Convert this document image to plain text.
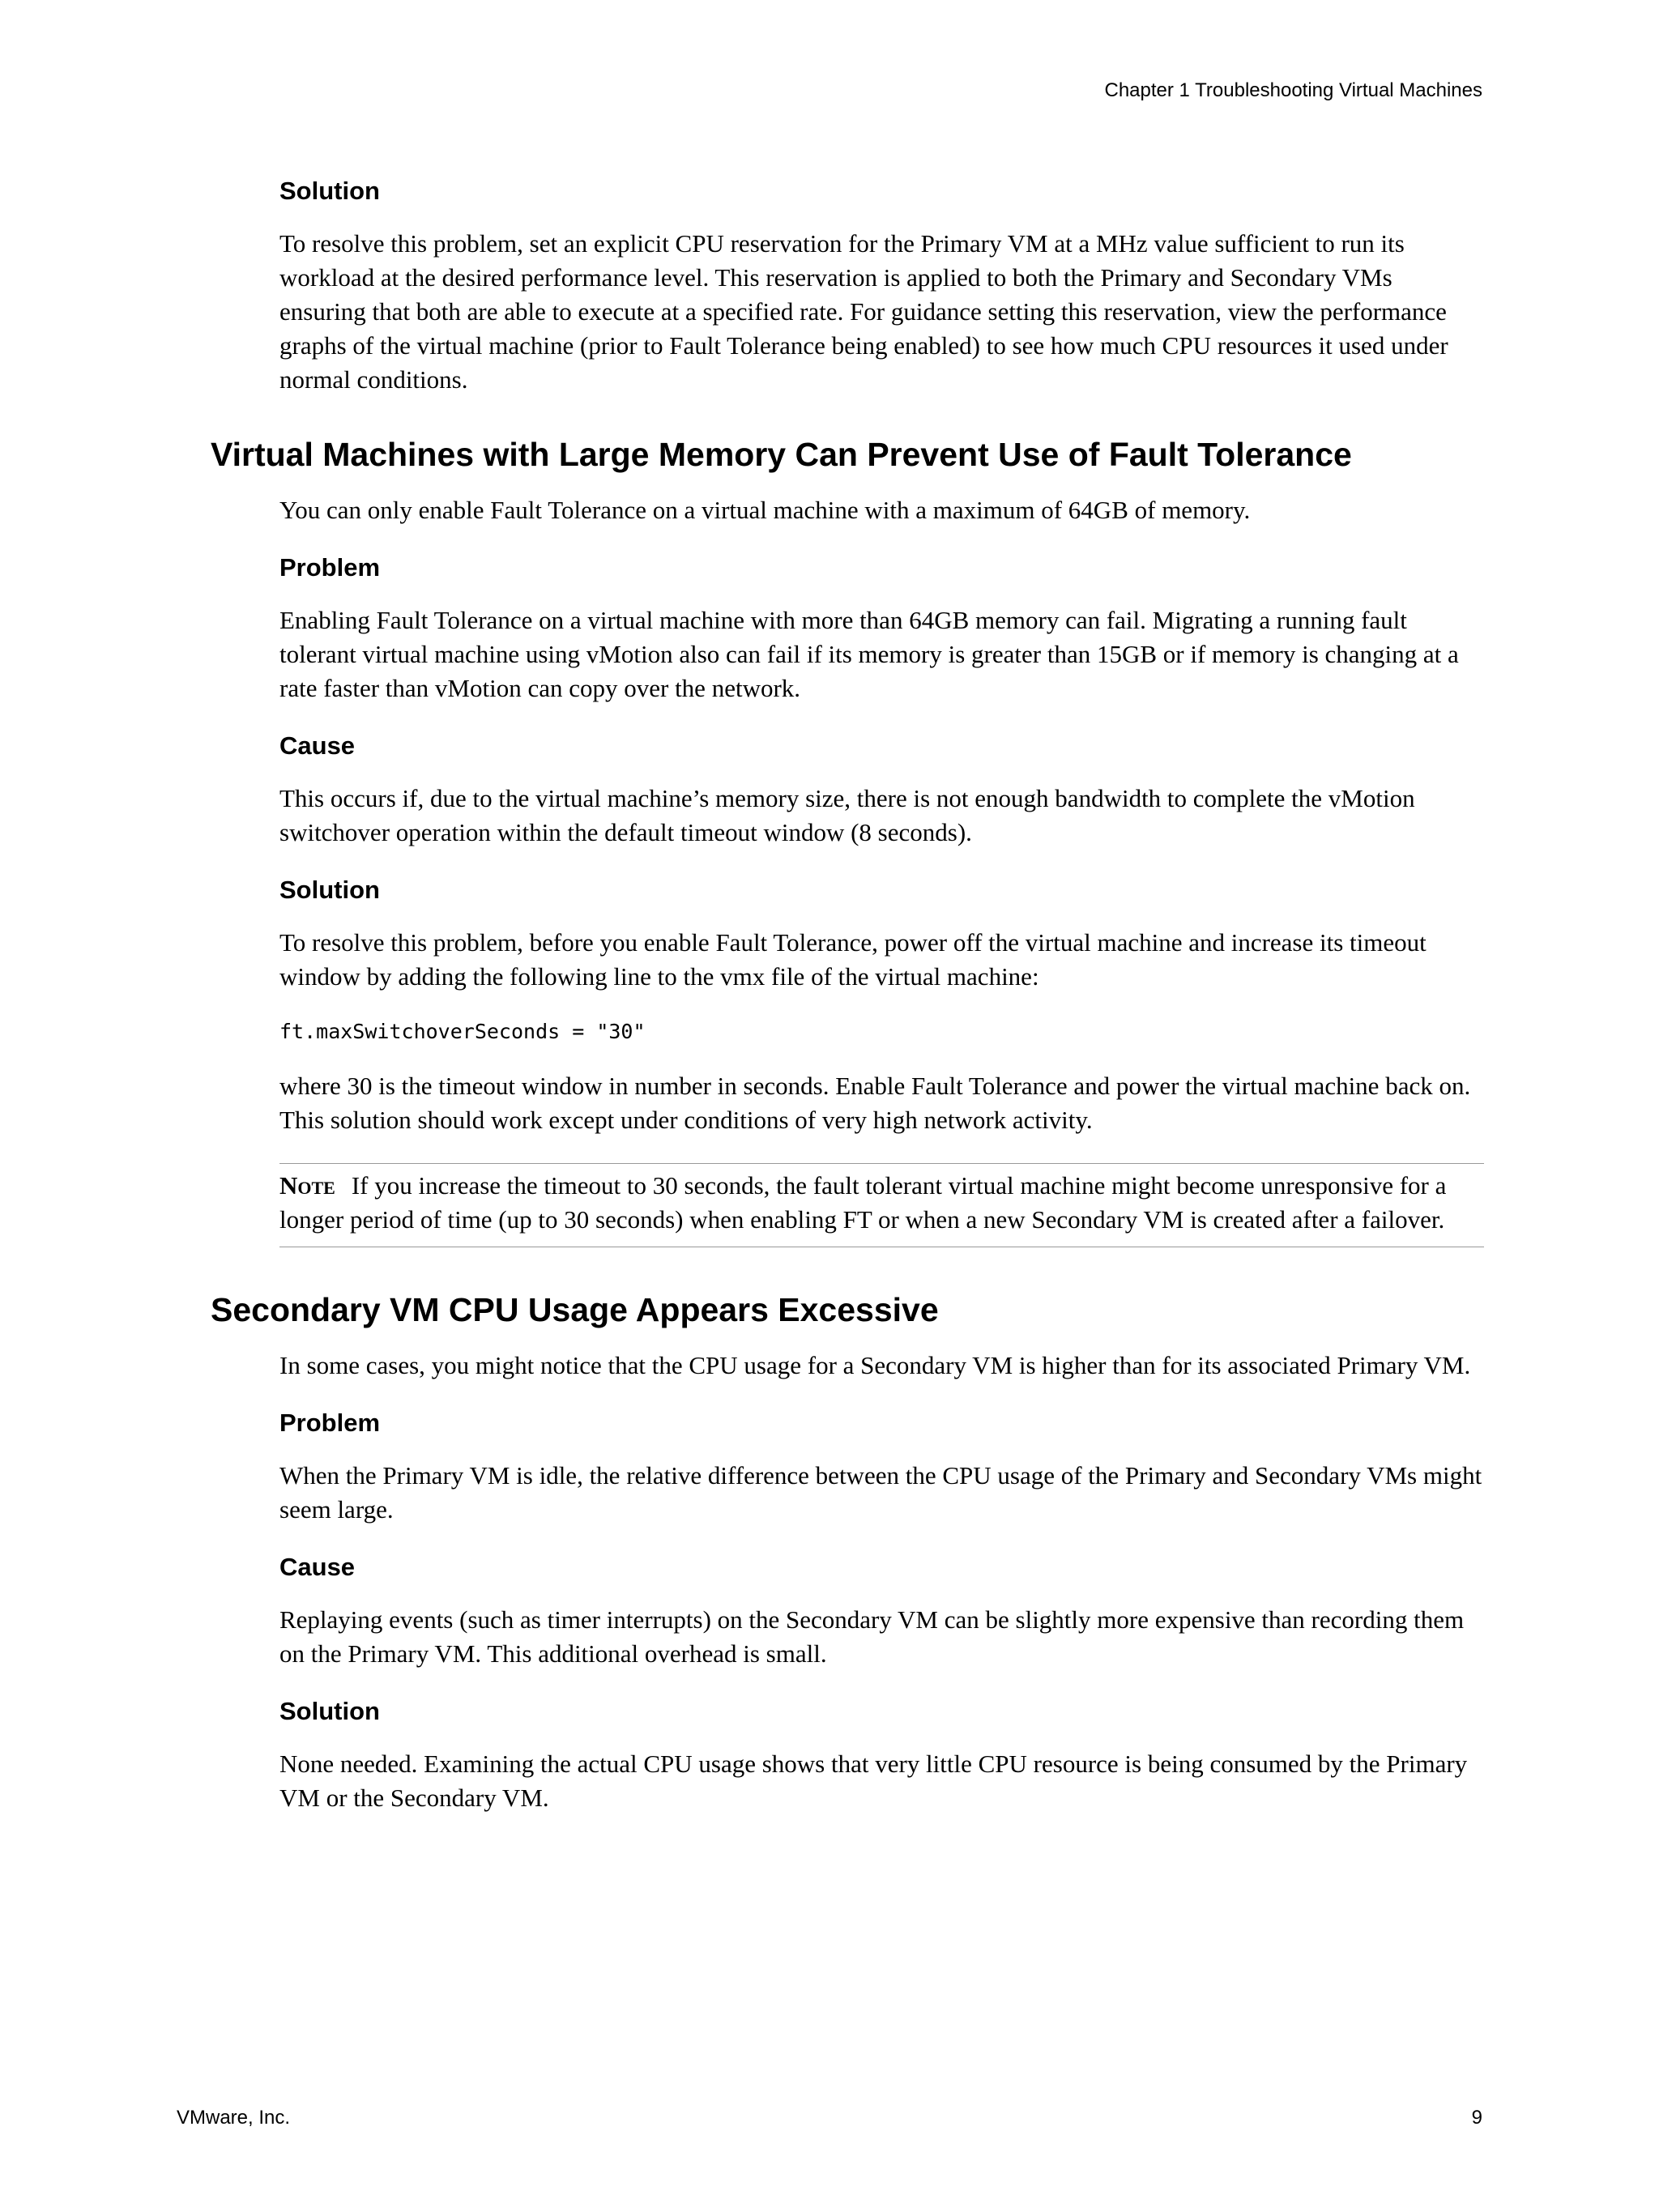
Chapter 1 Troubleshooting Virtual Machines
Solution

To resolve this problem, set an explicit CPU reservation for the Primary VM at a MHz value sufficient to run its workload at the desired performance level. This reservation is applied to both the Primary and Secondary VMs ensuring that both are able to execute at a specified rate. For guidance setting this reservation, view the performance graphs of the virtual machine (prior to Fault Tolerance being enabled) to see how much CPU resources it used under normal conditions.

Virtual Machines with Large Memory Can Prevent Use of Fault Tolerance

You can only enable Fault Tolerance on a virtual machine with a maximum of 64GB of memory.

Problem

Enabling Fault Tolerance on a virtual machine with more than 64GB memory can fail. Migrating a running fault tolerant virtual machine using vMotion also can fail if its memory is greater than 15GB or if memory is changing at a rate faster than vMotion can copy over the network.

Cause

This occurs if, due to the virtual machine’s memory size, there is not enough bandwidth to complete the vMotion switchover operation within the default timeout window (8 seconds).

Solution

To resolve this problem, before you enable Fault Tolerance, power off the virtual machine and increase its timeout window by adding the following line to the vmx file of the virtual machine:

ft.maxSwitchoverSeconds = "30"

where 30 is the timeout window in number in seconds. Enable Fault Tolerance and power the virtual machine back on. This solution should work except under conditions of very high network activity.

Note If you increase the timeout to 30 seconds, the fault tolerant virtual machine might become unresponsive for a longer period of time (up to 30 seconds) when enabling FT or when a new Secondary VM is created after a failover.

Secondary VM CPU Usage Appears Excessive

In some cases, you might notice that the CPU usage for a Secondary VM is higher than for its associated Primary VM.

Problem

When the Primary VM is idle, the relative difference between the CPU usage of the Primary and Secondary VMs might seem large.

Cause

Replaying events (such as timer interrupts) on the Secondary VM can be slightly more expensive than recording them on the Primary VM. This additional overhead is small.

Solution

None needed. Examining the actual CPU usage shows that very little CPU resource is being consumed by the Primary VM or the Secondary VM.

VMware, Inc.	9
